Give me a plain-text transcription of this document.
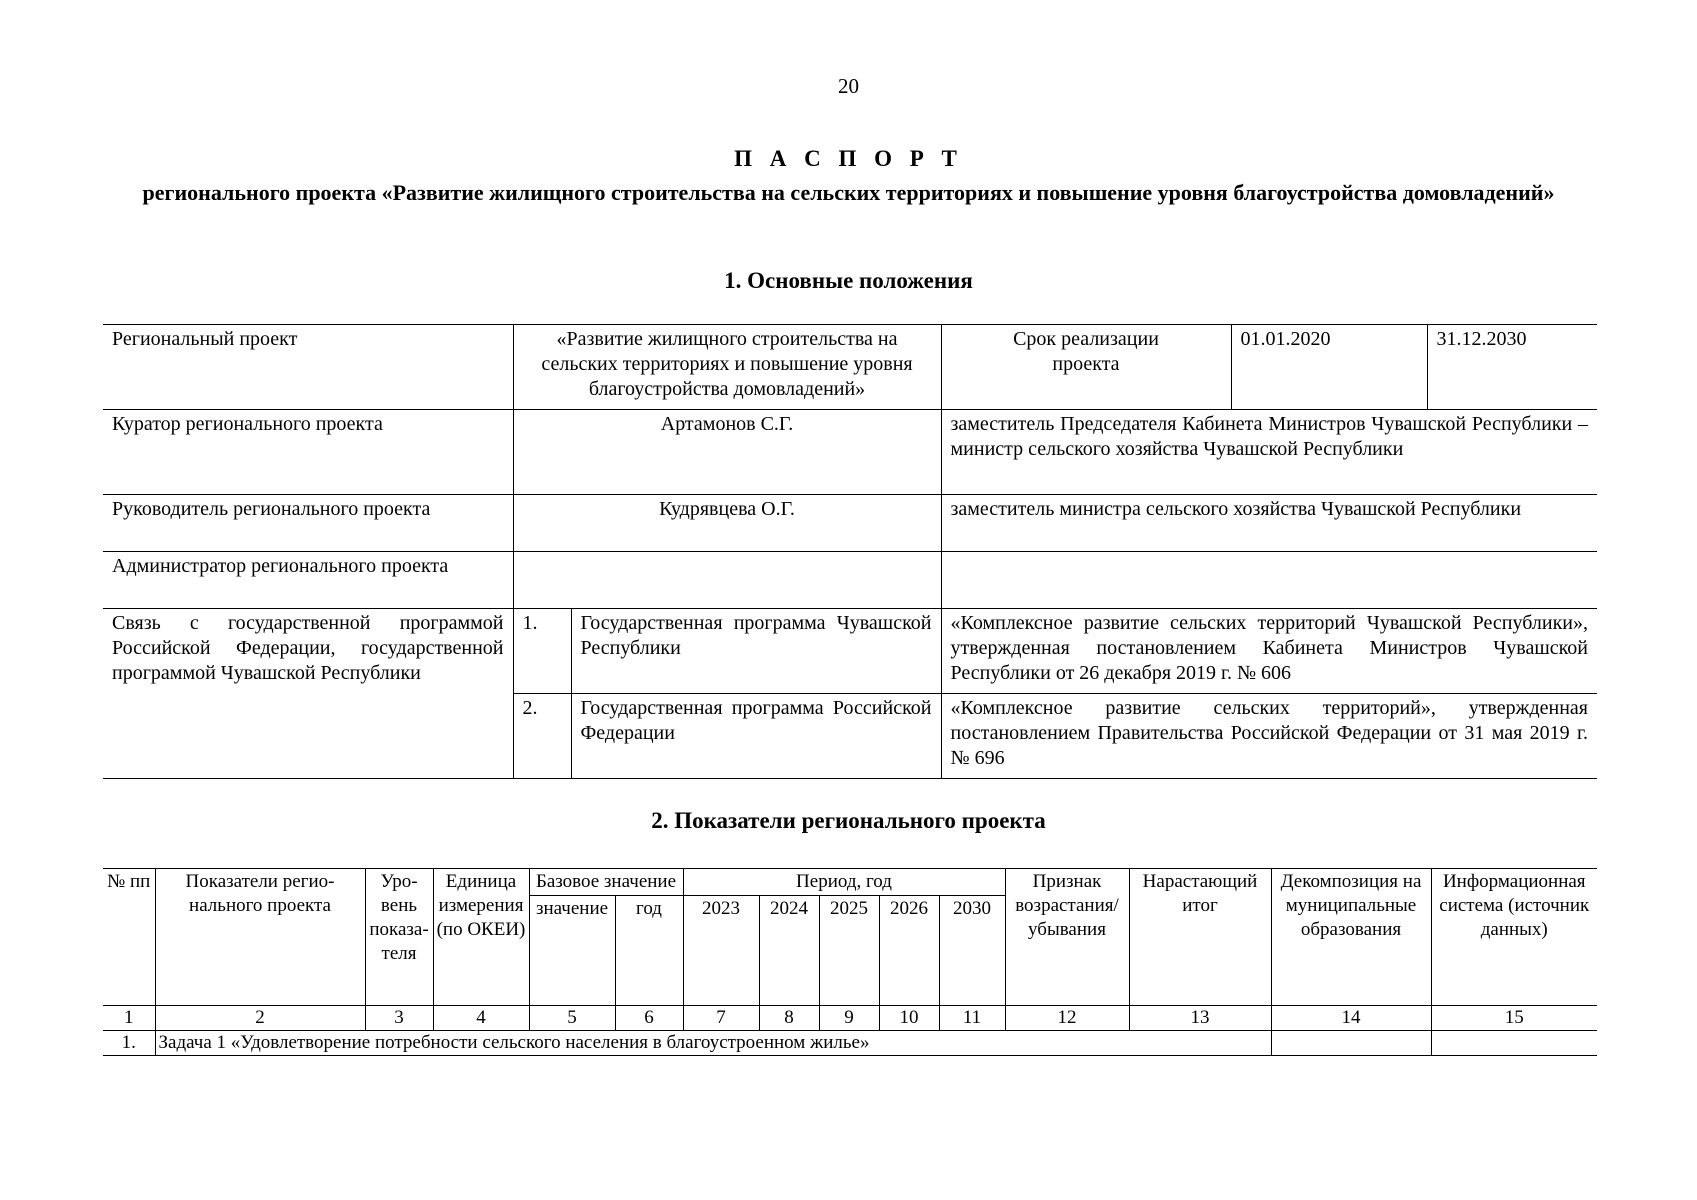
20
П А С П О Р Т
регионального проекта «Развитие жилищного строительства на сельских территориях и повышение уровня благоустройства домовладений»
1. Основные положения
Региональный проект	«Развитие жилищного строительства на сельских территориях и повышение уровня благоустройства домовладений»		Срок реализации проекта	01.01.2020	31.12.2030
Куратор регионального проекта	Артамонов С.Г.		заместитель Председателя Кабинета Министров Чувашской Республики – министр сельского хозяйства Чувашской Республики		
Руководитель регионального проекта	Кудрявцева О.Г.		заместитель министра сельского хозяйства Чувашской Республики		
Администратор регионального проекта					
Связь с государственной программой Российской Федерации, государственной программой Чувашской Республики	1.	Государственная программа Чувашской Республики	«Комплексное развитие сельских территорий Чувашской Республики», утвержденная постановлением Кабинета Министров Чувашской Республики от 26 декабря 2019 г. № 606		
	2.	Государственная программа Российской Федерации	«Комплексное развитие сельских территорий», утвержденная постановлением Правительства Российской Федерации от 31 мая 2019 г. № 696		
2. Показатели регионального проекта
№ пп	Показатели регионального проекта	Уровень показателя	Единица измерения (по ОКЕИ)	Базовое значение		Период, год					Признак возрастания/ убывания	Нарастающий итог	Декомпозиция на муниципальные образования	Информационная система (источник данных)
				значение	год	2023	2024	2025	2026	2030				
1	2	3	4	5	6	7	8	9	10	11	12	13	14	15
1.	Задача 1 «Удовлетворение потребности сельского населения в благоустроенном жилье»													
